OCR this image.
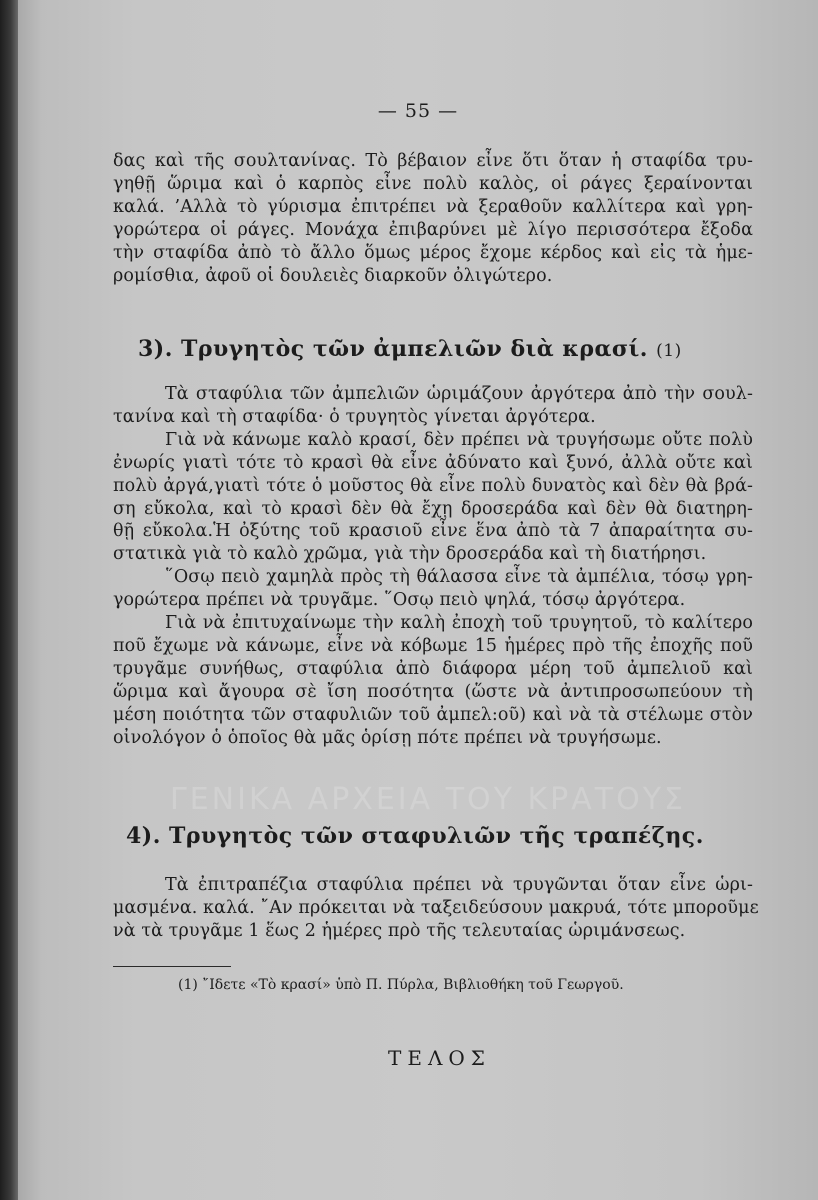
— 55 —
δας καὶ τῆς σουλτανίνας. Τὸ βέβαιον εἶνε ὅτι ὅταν ἡ σταφίδα τρυ-
γηθῇ ὥριμα καὶ ὁ καρπὸς εἶνε πολὺ καλὸς, οἱ ράγες ξεραίνονται
καλά. ’Αλλὰ τὸ γύρισμα ἐπιτρέπει νὰ ξεραθοῦν καλλίτερα καὶ γρη-
γορώτερα οἱ ράγες. Μονάχα ἐπιβαρύνει μὲ λίγο περισσότερα ἔξοδα
τὴν σταφίδα ἀπὸ τὸ ἄλλο ὅμως μέρος ἔχομε κέρδος καὶ εἰς τὰ ἡμε-
ρομίσθια, ἀφοῦ οἱ δουλειὲς διαρκοῦν ὀλιγώτερο.
3). Τρυγητὸς τῶν ἀμπελιῶν διὰ κρασί. (1)
Τὰ σταφύλια τῶν ἀμπελιῶν ὡριμάζουν ἀργότερα ἀπὸ τὴν σουλ-
τανίνα καὶ τὴ σταφίδα· ὁ τρυγητὸς γίνεται ἀργότερα.
Γιὰ νὰ κάνωμε καλὸ κρασί, δὲν πρέπει νὰ τρυγήσωμε οὔτε πολὺ
ἐνωρίς γιατὶ τότε τὸ κρασὶ θὰ εἶνε ἀδύνατο καὶ ξυνό, ἀλλὰ οὔτε καὶ
πολὺ ἀργά,γιατὶ τότε ὁ μοῦστος θὰ εἶνε πολὺ δυνατὸς καὶ δὲν θὰ βρά-
ση εὔκολα, καὶ τὸ κρασὶ δὲν θὰ ἔχῃ δροσεράδα καὶ δὲν θὰ διατηρη-
θῇ εὔκολα.Ἡ ὀξύτης τοῦ κρασιοῦ εἶνε ἕνα ἀπὸ τὰ 7 ἀπαραίτητα συ-
στατικὰ γιὰ τὸ καλὸ χρῶμα, γιὰ τὴν δροσεράδα καὶ τὴ διατήρησι.
῞Οσῳ πειὸ χαμηλὰ πρὸς τὴ θάλασσα εἶνε τὰ ἀμπέλια, τόσῳ γρη-
γορώτερα πρέπει νὰ τρυγᾶμε. ῞Οσῳ πειὸ ψηλά, τόσῳ ἀργότερα.
Γιὰ νὰ ἐπιτυχαίνωμε τὴν καλὴ ἐποχὴ τοῦ τρυγητοῦ, τὸ καλίτερο
ποῦ ἔχωμε νὰ κάνωμε, εἶνε νὰ κόβωμε 15 ἡμέρες πρὸ τῆς ἐποχῆς ποῦ
τρυγᾶμε συνήθως, σταφύλια ἀπὸ διάφορα μέρη τοῦ ἀμπελιοῦ καὶ
ὥριμα καὶ ἄγουρα σὲ ἴση ποσότητα (ὥστε νὰ ἀντιπροσωπεύουν τὴ
μέση ποιότητα τῶν σταφυλιῶν τοῦ ἀμπελ:οῦ) καὶ νὰ τὰ στέλωμε στὸν
οἰνολόγον ὁ ὁποῖος θὰ μᾶς ὁρίσῃ πότε πρέπει νὰ τρυγήσωμε.
ΓΕΝΙΚΑ ΑΡΧΕΙΑ ΤΟΥ ΚΡΑΤΟΥΣ
4). Τρυγητὸς τῶν σταφυλιῶν τῆς τραπέζης.
Τὰ ἐπιτραπέζια σταφύλια πρέπει νὰ τρυγῶνται ὅταν εἶνε ὡρι-
μασμένα. καλά. ῎Αν πρόκειται νὰ ταξειδεύσουν μακρυά, τότε μποροῦμε
νὰ τὰ τρυγᾶμε 1 ἕως 2 ἡμέρες πρὸ τῆς τελευταίας ὡριμάνσεως.
(1) ῎Ιδετε «Τὸ κρασί» ὑπὸ Π. Πύρλα, Βιβλιοθήκη τοῦ Γεωργοῦ.
ΤΕΛΟΣ
